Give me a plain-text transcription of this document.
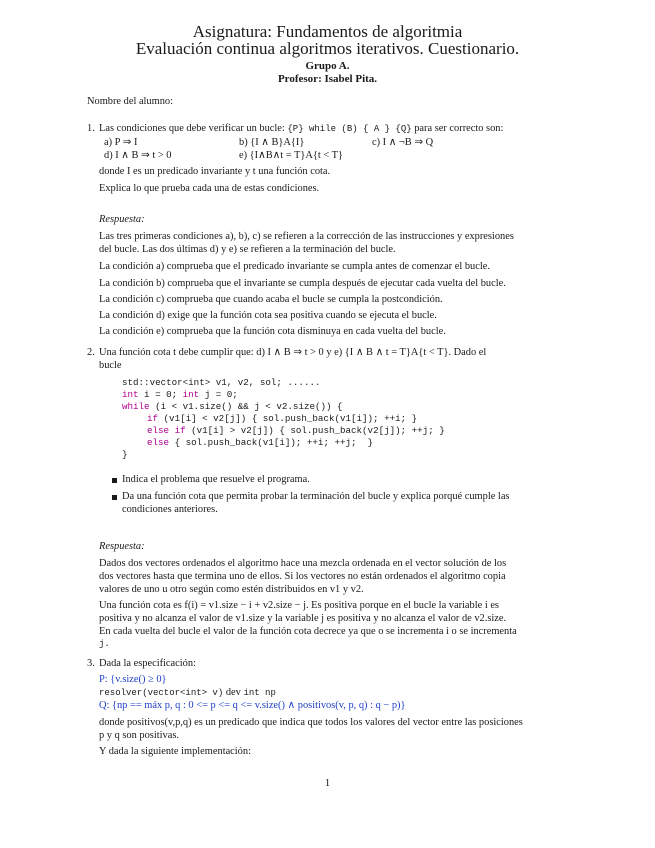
Asignatura: Fundamentos de algoritmia
Evaluación continua algoritmos iterativos. Cuestionario.
Grupo A.
Profesor: Isabel Pita.
Nombre del alumno:
1. Las condiciones que debe verificar un bucle: {P} while (B) { A } {Q} para ser correcto son:
a) P ⇒ I	b) {I ∧ B}A{I}	c) I ∧ ¬B ⇒ Q
d) I ∧ B ⇒ t > 0	e) {I∧B∧t = T}A{t < T}
donde I es un predicado invariante y t una función cota.
Explica lo que prueba cada una de estas condiciones.
Respuesta:
Las tres primeras condiciones a), b), c) se refieren a la corrección de las instrucciones y expresiones
del bucle. Las dos últimas d) y e) se refieren a la terminación del bucle.
La condición a) comprueba que el predicado invariante se cumpla antes de comenzar el bucle.
La condición b) comprueba que el invariante se cumpla después de ejecutar cada vuelta del bucle.
La condición c) comprueba que cuando acaba el bucle se cumpla la postcondición.
La condición d) exige que la función cota sea positiva cuando se ejecuta el bucle.
La condición e) comprueba que la función cota disminuya en cada vuelta del bucle.
2. Una función cota t debe cumplir que: d) I ∧ B ⇒ t > 0 y e) {I ∧ B ∧ t = T}A{t < T}. Dado el
bucle
std::vector<int> v1, v2, sol; ......
int i = 0; int j = 0;
while (i < v1.size() && j < v2.size()) {
if (v1[i] < v2[j]) { sol.push_back(v1[i]); ++i; }
else if (v1[i] > v2[j]) { sol.push_back(v2[j]); ++j; }
else { sol.push_back(v1[i]); ++i; ++j;  }
}
Indica el problema que resuelve el programa.
Da una función cota que permita probar la terminación del bucle y explica porqué cumple las
condiciones anteriores.
Respuesta:
Dados dos vectores ordenados el algoritmo hace una mezcla ordenada en el vector solución de los
dos vectores hasta que termina uno de ellos. Si los vectores no están ordenados el algoritmo copia
valores de uno u otro según como estén distribuidos en v1 y v2.
Una función cota es f(i) = v1.size − i + v2.size − j. Es positiva porque en el bucle la variable i es
positiva y no alcanza el valor de v1.size y la variable j es positiva y no alcanza el valor de v2.size.
En cada vuelta del bucle el valor de la función cota decrece ya que o se incrementa i o se incrementa
j.
3. Dada la especificación:
P: {v.size() ≥ 0}
resolver(vector<int> v) dev int np
Q: {np == máx p, q : 0 <= p <= q <= v.size() ∧ positivos(v, p, q) : q − p)}
donde positivos(v,p,q) es un predicado que indica que todos los valores del vector entre las posiciones
p y q son positivas.
Y dada la siguiente implementación:
1
